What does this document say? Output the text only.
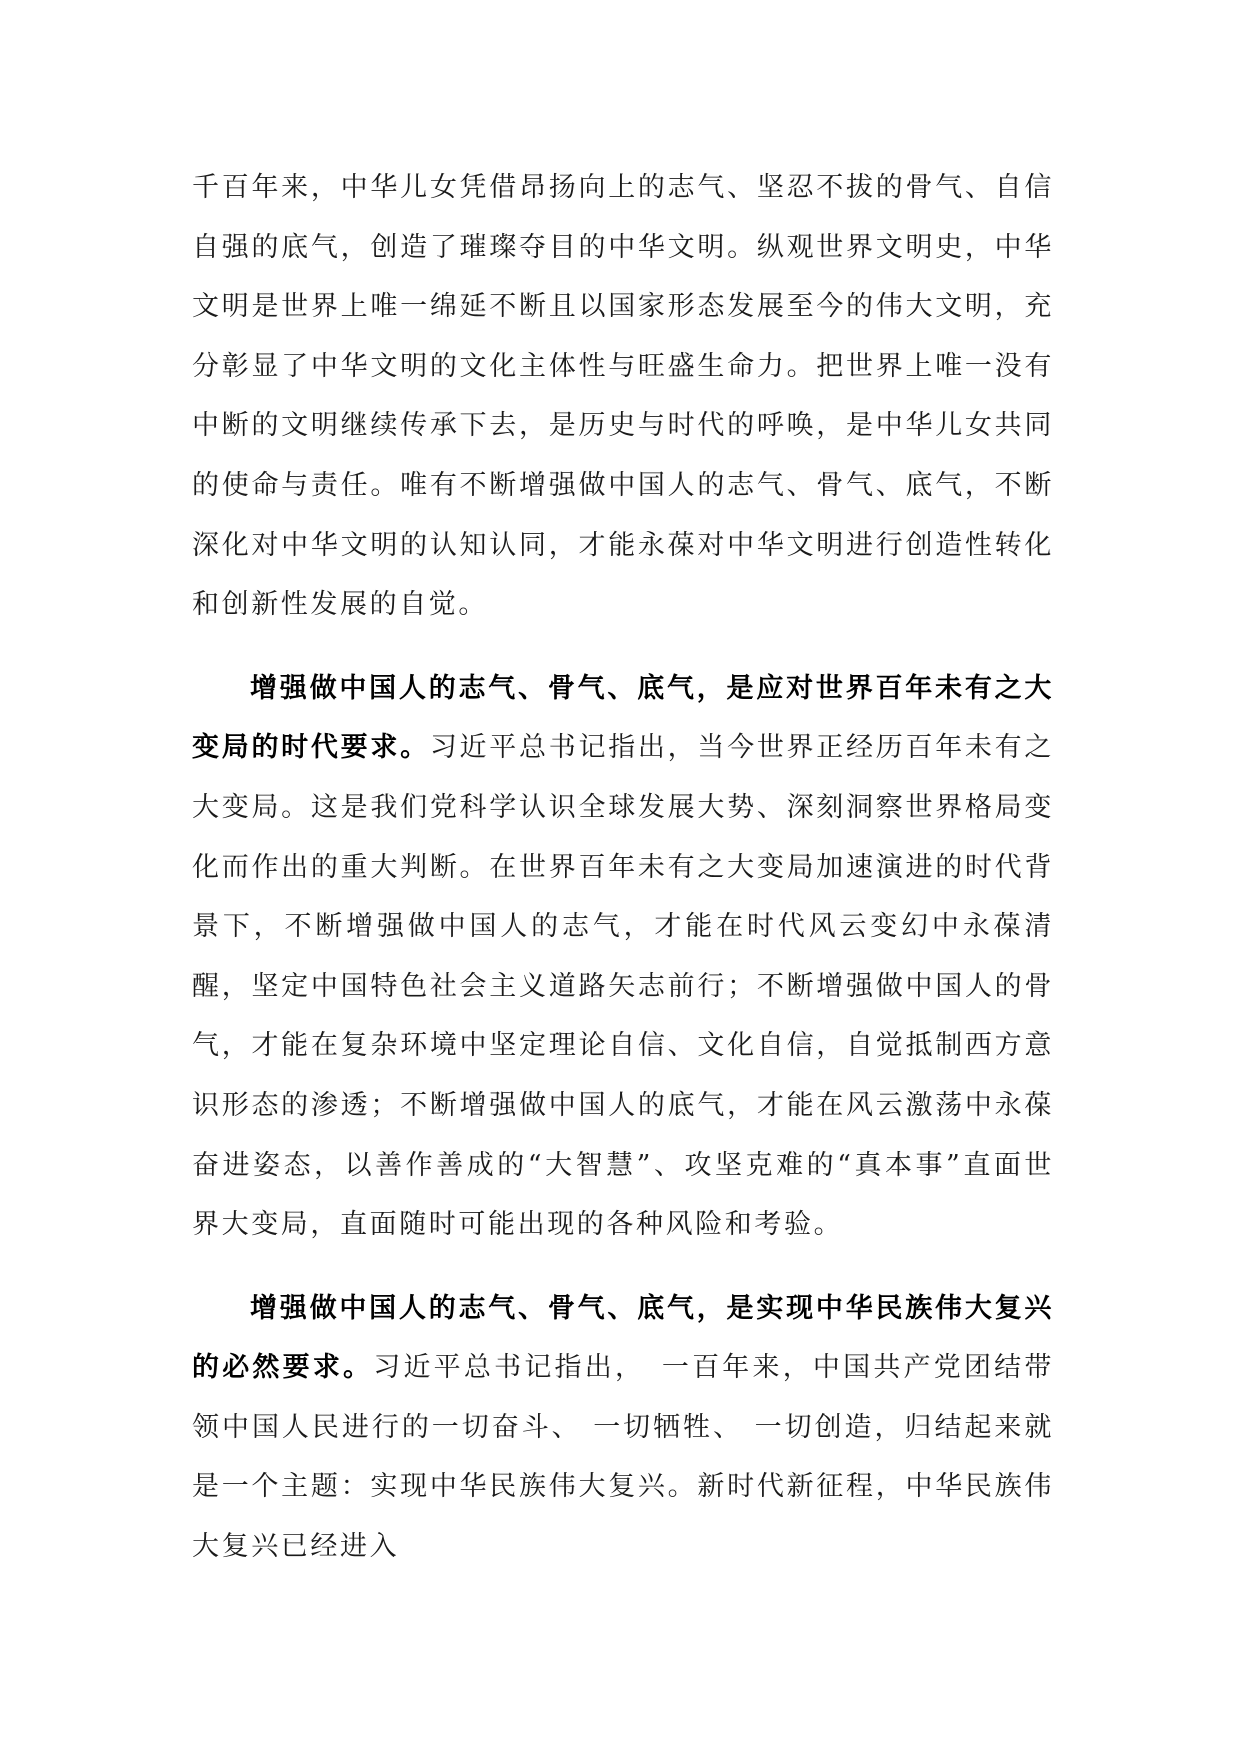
千百年来，中华儿女凭借昂扬向上的志气、坚忍不拔的骨气、自信自强的底气，创造了璀璨夺目的中华文明。纵观世界文明史，中华文明是世界上唯一绵延不断且以国家形态发展至今的伟大文明，充分彰显了中华文明的文化主体性与旺盛生命力。把世界上唯一没有中断的文明继续传承下去，是历史与时代的呼唤，是中华儿女共同的使命与责任。唯有不断增强做中国人的志气、骨气、底气，不断深化对中华文明的认知认同，才能永葆对中华文明进行创造性转化和创新性发展的自觉。

增强做中国人的志气、骨气、底气，是应对世界百年未有之大变局的时代要求。习近平总书记指出，当今世界正经历百年未有之大变局。这是我们党科学认识全球发展大势、深刻洞察世界格局变化而作出的重大判断。在世界百年未有之大变局加速演进的时代背景下，不断增强做中国人的志气，才能在时代风云变幻中永葆清醒，坚定中国特色社会主义道路矢志前行；不断增强做中国人的骨气，才能在复杂环境中坚定理论自信、文化自信，自觉抵制西方意识形态的渗透；不断增强做中国人的底气，才能在风云激荡中永葆奋进姿态，以善作善成的“大智慧”、攻坚克难的“真本事”直面世界大变局，直面随时可能出现的各种风险和考验。

增强做中国人的志气、骨气、底气，是实现中华民族伟大复兴的必然要求。习近平总书记指出，　一百年来，中国共产党团结带领中国人民进行的一切奋斗、 一切牺牲、 一切创造，归结起来就是一个主题：实现中华民族伟大复兴。新时代新征程，中华民族伟大复兴已经进入
